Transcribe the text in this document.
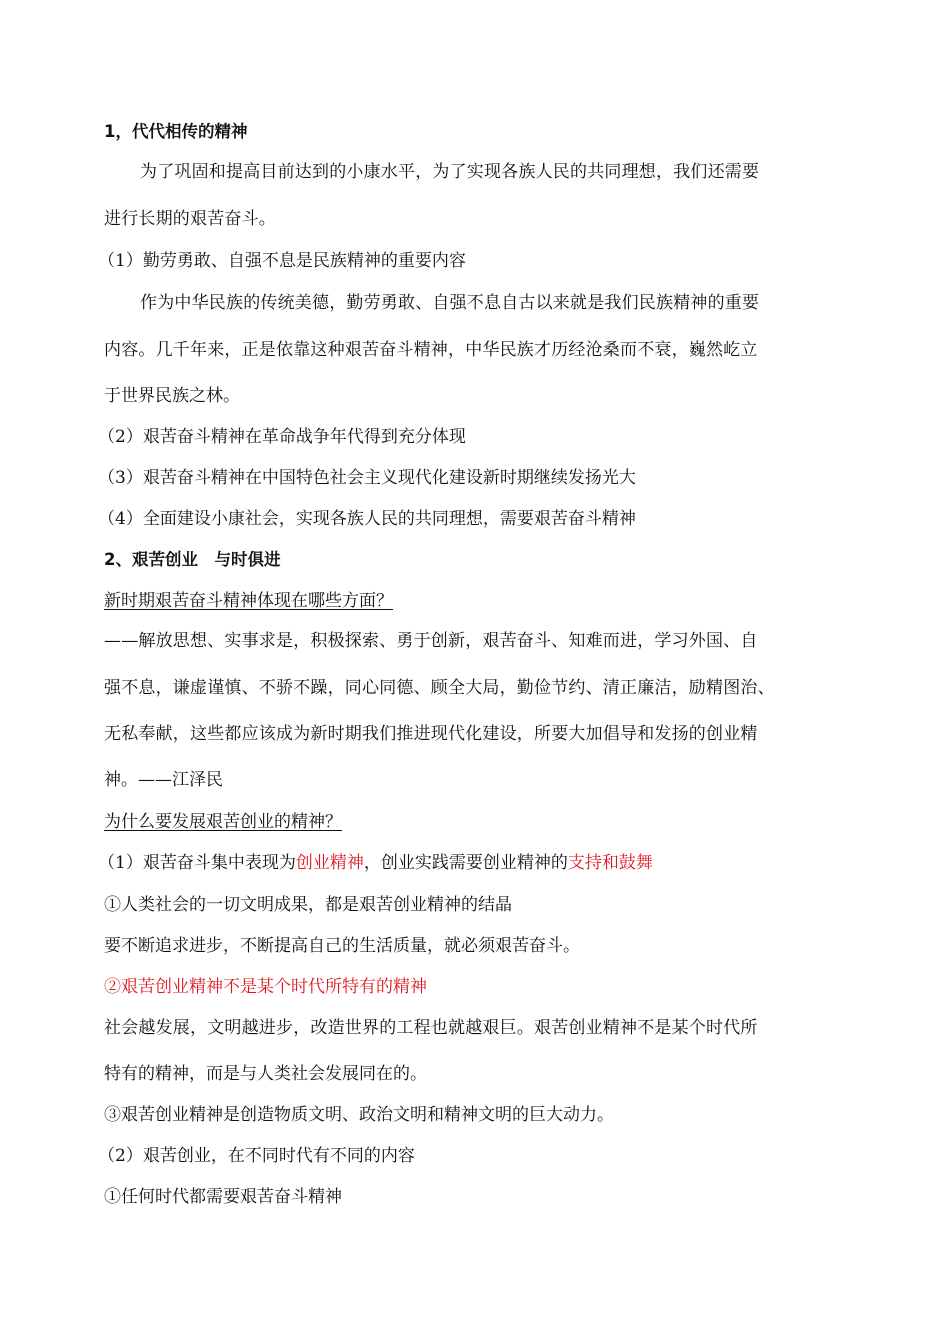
1，代代相传的精神
为了巩固和提高目前达到的小康水平，为了实现各族人民的共同理想，我们还需要
进行长期的艰苦奋斗。
（1）勤劳勇敢、自强不息是民族精神的重要内容
作为中华民族的传统美德，勤劳勇敢、自强不息自古以来就是我们民族精神的重要
内容。几千年来，正是依靠这种艰苦奋斗精神，中华民族才历经沧桑而不衰，巍然屹立
于世界民族之林。
（2）艰苦奋斗精神在革命战争年代得到充分体现
（3）艰苦奋斗精神在中国特色社会主义现代化建设新时期继续发扬光大
（4）全面建设小康社会，实现各族人民的共同理想，需要艰苦奋斗精神
2、艰苦创业　与时俱进
新时期艰苦奋斗精神体现在哪些方面？
——解放思想、实事求是，积极探索、勇于创新，艰苦奋斗、知难而进，学习外国、自
强不息，谦虚谨慎、不骄不躁，同心同德、顾全大局，勤俭节约、清正廉洁，励精图治、
无私奉献，这些都应该成为新时期我们推进现代化建设，所要大加倡导和发扬的创业精
神。——江泽民
为什么要发展艰苦创业的精神？
（1）艰苦奋斗集中表现为创业精神，创业实践需要创业精神的支持和鼓舞
①人类社会的一切文明成果，都是艰苦创业精神的结晶
要不断追求进步，不断提高自己的生活质量，就必须艰苦奋斗。
②艰苦创业精神不是某个时代所特有的精神
社会越发展，文明越进步，改造世界的工程也就越艰巨。艰苦创业精神不是某个时代所
特有的精神，而是与人类社会发展同在的。
③艰苦创业精神是创造物质文明、政治文明和精神文明的巨大动力。
（2）艰苦创业，在不同时代有不同的内容
①任何时代都需要艰苦奋斗精神
